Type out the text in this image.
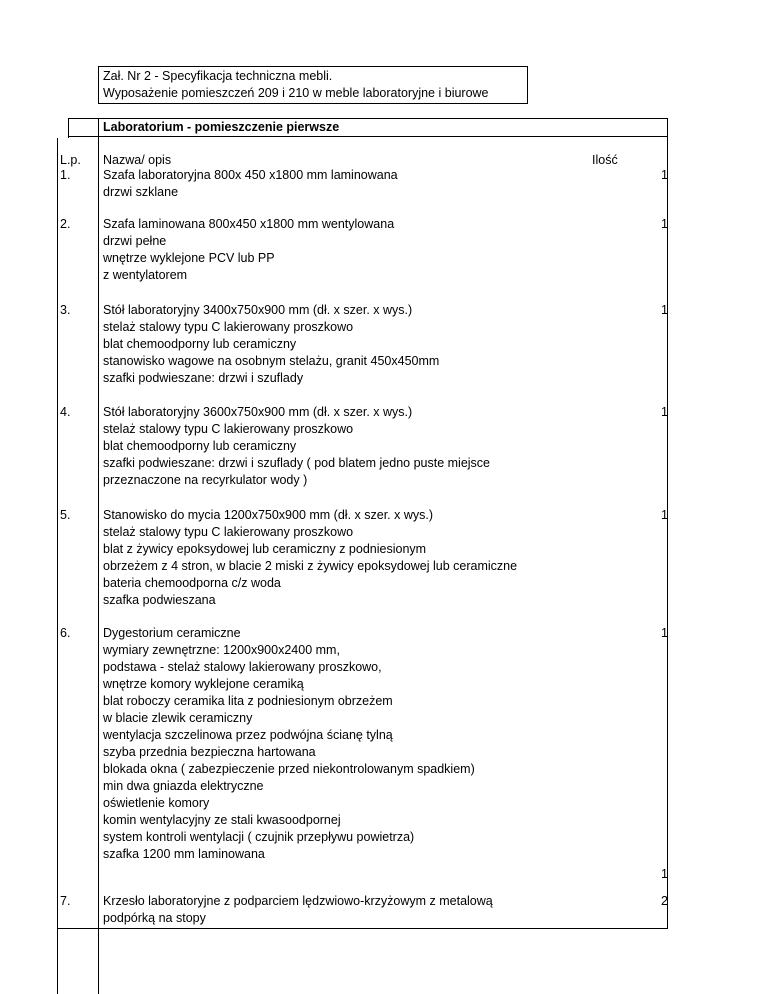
Zał. Nr 2 - Specyfikacja techniczna mebli.
Wyposażenie pomieszczeń 209 i 210 w meble laboratoryjne i biurowe
Laboratorium - pomieszczenie pierwsze
L.p. Nazwa/ opis	Ilość
1.	Szafa laboratoryjna 800x 450 x1800 mm laminowana
drzwi szklane
1
2.	Szafa laminowana 800x450 x1800 mm wentylowana
drzwi pełne
wnętrze wyklejone PCV lub PP
z wentylatorem
1
3.	Stół laboratoryjny 3400x750x900 mm (dł. x szer. x wys.)
stelaż stalowy typu C lakierowany proszkowo
blat chemoodporny lub ceramiczny
stanowisko wagowe na osobnym stelażu, granit 450x450mm
szafki podwieszane: drzwi i szuflady
1
4.	Stół laboratoryjny 3600x750x900 mm (dł. x szer. x wys.)
stelaż stalowy typu C lakierowany proszkowo
blat chemoodporny lub ceramiczny
szafki podwieszane: drzwi i szuflady ( pod blatem jedno puste miejsce
przeznaczone na recyrkulator wody )
1
5.	Stanowisko do mycia 1200x750x900 mm (dł. x szer. x wys.)
stelaż stalowy typu C lakierowany proszkowo
blat z żywicy epoksydowej lub ceramiczny z podniesionym
obrzeżem z 4 stron, w blacie 2 miski z żywicy epoksydowej lub ceramiczne
bateria chemoodporna c/z woda
szafka podwieszana
1
6.	Dygestorium ceramiczne
wymiary zewnętrzne: 1200x900x2400 mm,
podstawa - stelaż stalowy lakierowany proszkowo,
wnętrze komory wyklejone ceramiką
blat roboczy ceramika lita z podniesionym obrzeżem
w blacie zlewik ceramiczny
wentylacja szczelinowa przez podwójna ścianę tylną
szyba przednia bezpieczna hartowana
blokada okna ( zabezpieczenie przed niekontrolowanym spadkiem)
min dwa gniazda elektryczne
oświetlenie komory
komin wentylacyjny ze stali kwasoodpornej
system kontroli wentylacji ( czujnik przepływu powietrza)
szafka 1200 mm laminowana
1
1
7.	Krzesło laboratoryjne z podparciem lędzwiowo-krzyżowym z metalową
podpórką na stopy
2
